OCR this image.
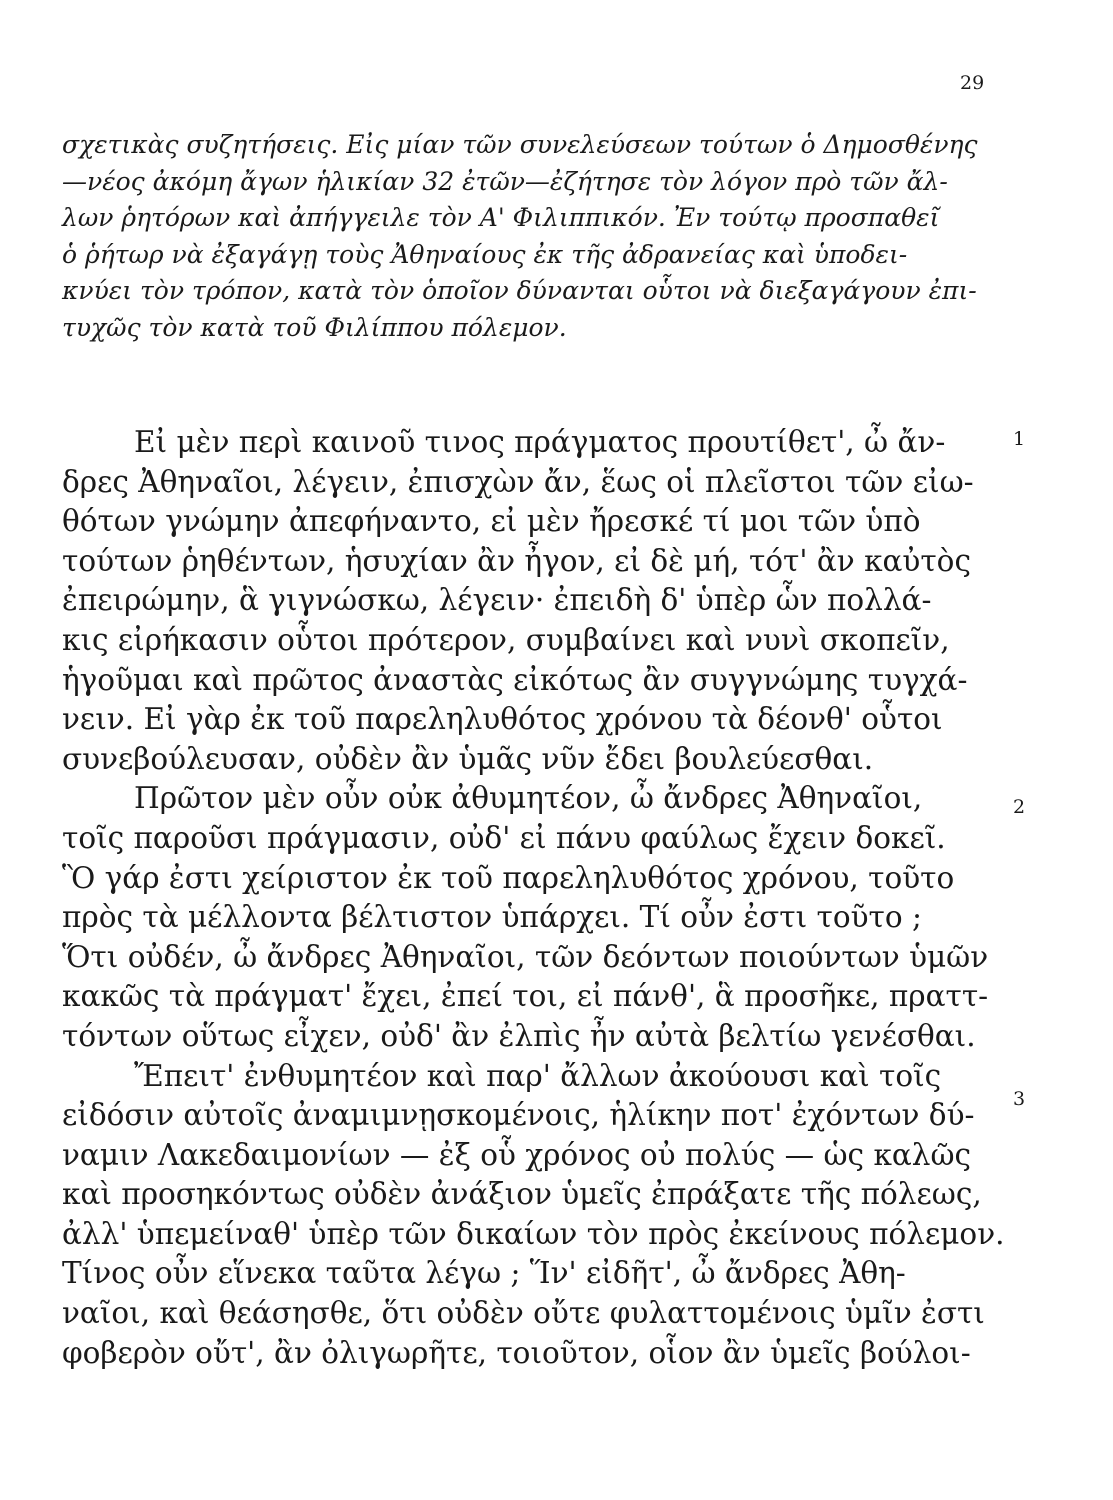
29
σχετικὰς συζητήσεις. Εἰς μίαν τῶν συνελεύσεων τούτων ὁ Δημοσθένης
—νέος ἀκόμη ἄγων ἡλικίαν 32 ἐτῶν—ἐζήτησε τὸν λόγον πρὸ τῶν ἄλ-
λων ῥητόρων καὶ ἀπήγγειλε τὸν Α' Φιλιππικόν. Ἐν τούτῳ προσπαθεῖ
ὁ ῥήτωρ νὰ ἐξαγάγῃ τοὺς Ἀθηναίους ἐκ τῆς ἀδρανείας καὶ ὑποδει-
κνύει τὸν τρόπον, κατὰ τὸν ὁποῖον δύνανται οὗτοι νὰ διεξαγάγουν ἐπι-
τυχῶς τὸν κατὰ τοῦ Φιλίππου πόλεμον.
Εἰ μὲν περὶ καινοῦ τινος πράγματος προυτίθετ', ὦ ἄν-
δρες Ἀθηναῖοι, λέγειν, ἐπισχὼν ἄν, ἕως οἱ πλεῖστοι τῶν εἰω-
θότων γνώμην ἀπεφήναντο, εἰ μὲν ἤρεσκέ τί μοι τῶν ὑπὸ
τούτων ῥηθέντων, ἡσυχίαν ἂν ἦγον, εἰ δὲ μή, τότ' ἂν καὐτὸς
ἐπειρώμην, ἃ γιγνώσκω, λέγειν· ἐπειδὴ δ' ὑπὲρ ὧν πολλά-
κις εἰρήκασιν οὗτοι πρότερον, συμβαίνει καὶ νυνὶ σκοπεῖν,
ἡγοῦμαι καὶ πρῶτος ἀναστὰς εἰκότως ἂν συγγνώμης τυγχά-
νειν. Εἰ γὰρ ἐκ τοῦ παρεληλυθότος χρόνου τὰ δέονθ' οὗτοι
συνεβούλευσαν, οὐδὲν ἂν ὑμᾶς νῦν ἔδει βουλεύεσθαι.
Πρῶτον μὲν οὖν οὐκ ἀθυμητέον, ὦ ἄνδρες Ἀθηναῖοι,
τοῖς παροῦσι πράγμασιν, οὐδ' εἰ πάνυ φαύλως ἔχειν δοκεῖ.
Ὃ γάρ ἐστι χείριστον ἐκ τοῦ παρεληλυθότος χρόνου, τοῦτο
πρὸς τὰ μέλλοντα βέλτιστον ὑπάρχει. Τί οὖν ἐστι τοῦτο ;
Ὅτι οὐδέν, ὦ ἄνδρες Ἀθηναῖοι, τῶν δεόντων ποιούντων ὑμῶν
κακῶς τὰ πράγματ' ἔχει, ἐπεί τοι, εἰ πάνθ', ἃ προσῆκε, πραττ-
τόντων οὕτως εἶχεν, οὐδ' ἂν ἐλπὶς ἦν αὐτὰ βελτίω γενέσθαι.
Ἔπειτ' ἐνθυμητέον καὶ παρ' ἄλλων ἀκούουσι καὶ τοῖς
εἰδόσιν αὐτοῖς ἀναμιμνῃσκομένοις, ἡλίκην ποτ' ἐχόντων δύ-
ναμιν Λακεδαιμονίων — ἐξ οὗ χρόνος οὐ πολύς — ὡς καλῶς
καὶ προσηκόντως οὐδὲν ἀνάξιον ὑμεῖς ἐπράξατε τῆς πόλεως,
ἀλλ' ὑπεμείναθ' ὑπὲρ τῶν δικαίων τὸν πρὸς ἐκείνους πόλεμον.
Τίνος οὖν εἵνεκα ταῦτα λέγω ; Ἵν' εἰδῆτ', ὦ ἄνδρες Ἀθη-
ναῖοι, καὶ θεάσησθε, ὅτι οὐδὲν οὔτε φυλαττομένοις ὑμῖν ἐστι
φοβερὸν οὔτ', ἂν ὀλιγωρῆτε, τοιοῦτον, οἷον ἂν ὑμεῖς βούλοι-
1
2
3
